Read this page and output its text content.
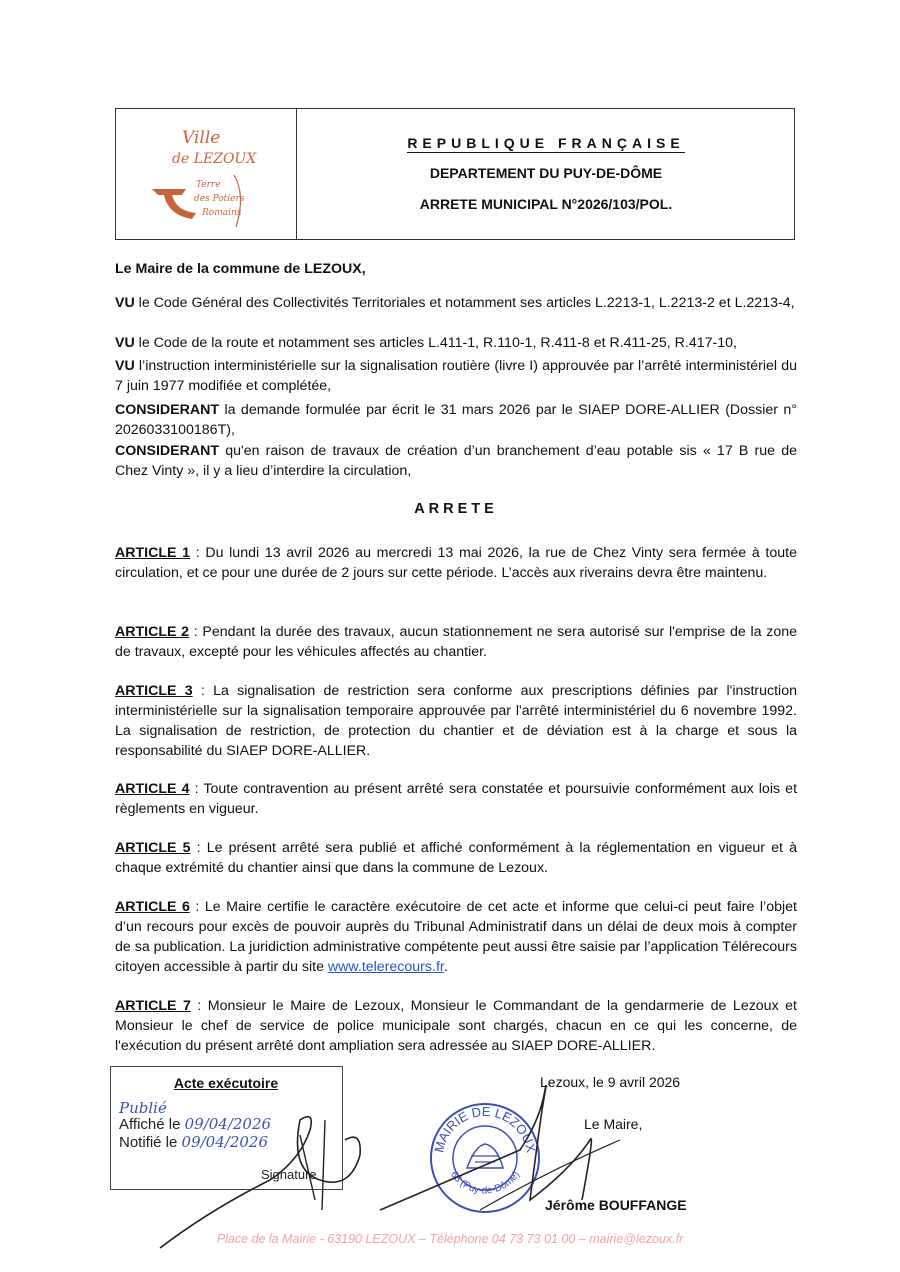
Ville
de LEZOUX
Terre
des Potiers
Romains
REPUBLIQUE FRANÇAISE
DEPARTEMENT DU PUY-DE-DÔME
ARRETE MUNICIPAL N°2026/103/POL.
Le Maire de la commune de LEZOUX,
VU le Code Général des Collectivités Territoriales et notamment ses articles L.2213-1, L.2213-2 et L.2213-4,
VU le Code de la route et notamment ses articles L.411-1, R.110-1, R.411-8 et R.411-25, R.417-10,
VU l’instruction interministérielle sur la signalisation routière (livre I) approuvée par l’arrêté interministériel du 7 juin 1977 modifiée et complétée,
CONSIDERANT la demande formulée par écrit le 31 mars 2026 par le SIAEP DORE-ALLIER (Dossier n° 2026033100186T),
CONSIDERANT qu'en raison de travaux de création d’un branchement d’eau potable sis « 17 B rue de Chez Vinty », il y a lieu d’interdire la circulation,
ARRETE
ARTICLE 1 : Du lundi 13 avril 2026 au mercredi 13 mai 2026, la rue de Chez Vinty sera fermée à toute circulation, et ce pour une durée de 2 jours sur cette période. L’accès aux riverains devra être maintenu.
ARTICLE 2 : Pendant la durée des travaux, aucun stationnement ne sera autorisé sur l'emprise de la zone de travaux, excepté pour les véhicules affectés au chantier.
ARTICLE 3 : La signalisation de restriction sera conforme aux prescriptions définies par l'instruction interministérielle sur la signalisation temporaire approuvée par l'arrêté interministériel du 6 novembre 1992. La signalisation de restriction, de protection du chantier et de déviation est à la charge et sous la responsabilité du SIAEP DORE-ALLIER.
ARTICLE 4 : Toute contravention au présent arrêté sera constatée et poursuivie conformément aux lois et règlements en vigueur.
ARTICLE 5 : Le présent arrêté sera publié et affiché conformément à la réglementation en vigueur et à chaque extrémité du chantier ainsi que dans la commune de Lezoux.
ARTICLE 6 : Le Maire certifie le caractère exécutoire de cet acte et informe que celui-ci peut faire l’objet d’un recours pour excès de pouvoir auprès du Tribunal Administratif dans un délai de deux mois à compter de sa publication. La juridiction administrative compétente peut aussi être saisie par l’application Télérecours citoyen accessible à partir du site www.telerecours.fr.
ARTICLE 7 : Monsieur le Maire de Lezoux, Monsieur le Commandant de la gendarmerie de Lezoux et Monsieur le chef de service de police municipale sont chargés, chacun en ce qui les concerne, de l'exécution du présent arrêté dont ampliation sera adressée au SIAEP DORE-ALLIER.
Acte exécutoire
Publié
Affiché le 09/04/2026
Notifié le 09/04/2026
Signature
Lezoux, le 9 avril 2026
Le Maire,
Jérôme BOUFFANGE
MAIRIE DE LEZOUX
63 (Puy-de-Dôme)
Place de la Mairie - 63190 LEZOUX – Téléphone 04 73 73 01 00 – mairie@lezoux.fr
